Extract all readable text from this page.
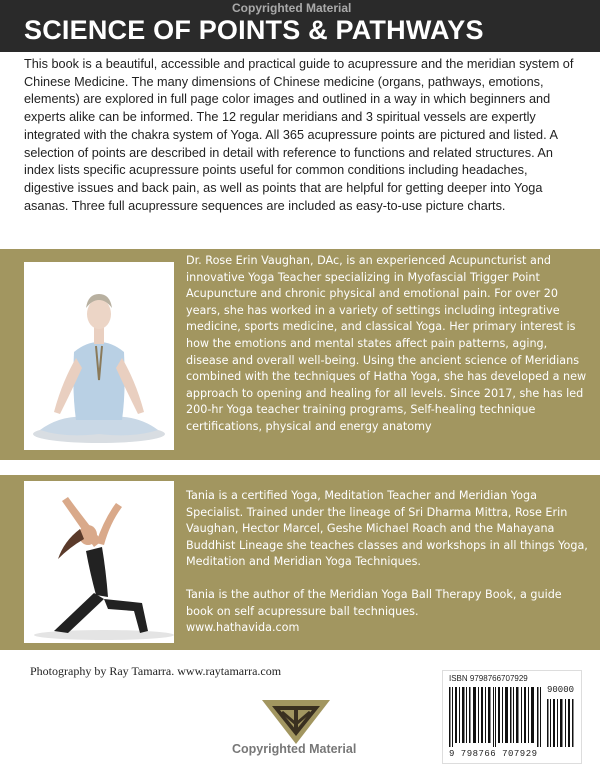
Copyrighted Material
SCIENCE OF POINTS & PATHWAYS
This book is a beautiful, accessible and practical guide to acupressure and the meridian system of Chinese Medicine. The many dimensions of Chinese medicine (organs, pathways, emotions, elements) are explored in full page color images and outlined in a way in which beginners and experts alike can be informed. The 12 regular meridians and 3 spiritual vessels are expertly integrated with the chakra system of Yoga. All 365 acupressure points are pictured and listed. A selection of points are described in detail with reference to functions and related structures. An index lists specific acupressure points useful for common conditions including headaches, digestive issues and back pain, as well as points that are helpful for getting deeper into Yoga asanas. Three full acupressure sequences are included as easy-to-use picture charts.
Dr. Rose Erin Vaughan, DAc, is an experienced Acupuncturist and innovative Yoga Teacher specializing in Myofascial Trigger Point Acupuncture and chronic physical and emotional pain. For over 20 years, she has worked in a variety of settings including integrative medicine, sports medicine, and classical Yoga. Her primary interest is how the emotions and mental states affect pain patterns, aging, disease and overall well-being. Using the ancient science of Meridians combined with the techniques of Hatha Yoga, she has developed a new approach to opening and healing for all levels. Since 2017, she has led 200-hr Yoga teacher training programs, Self-healing technique certifications, physical and energy anatomy

Tania is a certified Yoga, Meditation Teacher and Meridian Yoga Specialist. Trained under the lineage of Sri Dharma Mittra, Rose Erin Vaughan, Hector Marcel, Geshe Michael Roach and the Mahayana Buddhist Lineage she teaches classes and workshops in all things Yoga, Meditation and Meridian Yoga Techniques.

Tania is the author of the Meridian Yoga Ball Therapy Book, a guide book on self acupressure ball techniques.
www.hathavida.com
Photography by Ray Tamarra. www.raytamarra.com
Copyrighted Material
ISBN 9798766707929
90000
9 798766 707929
